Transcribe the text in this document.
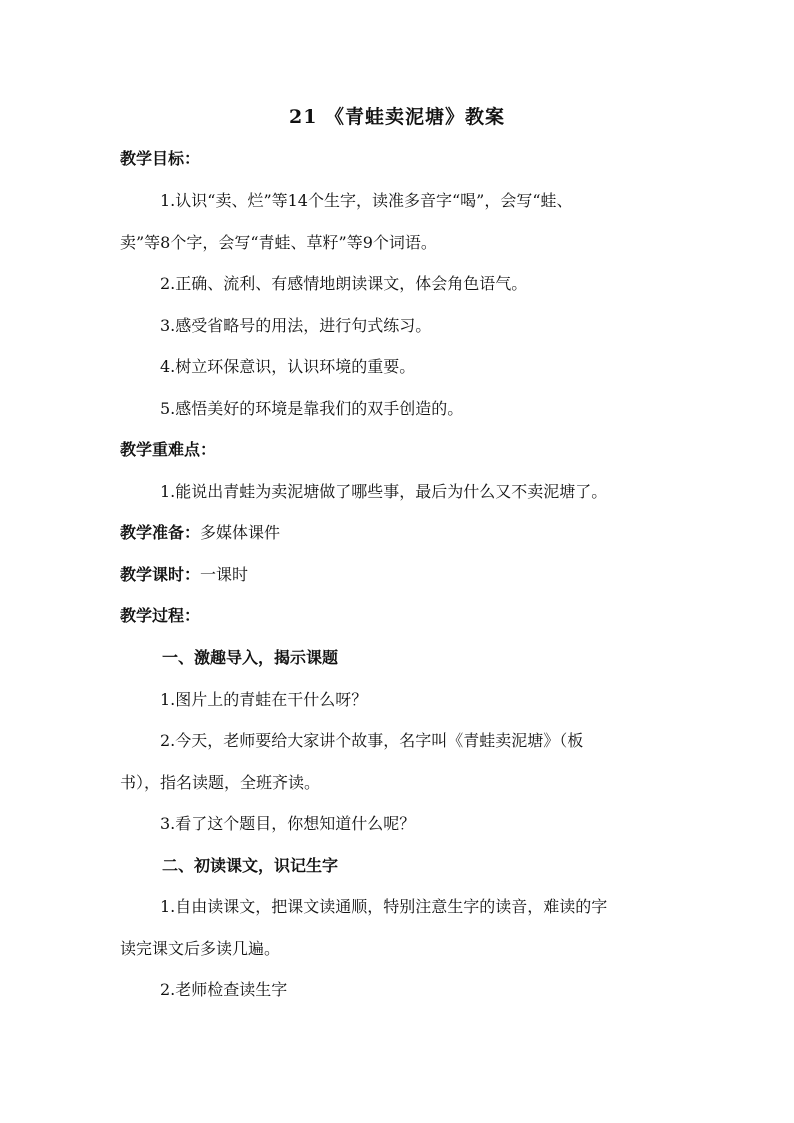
21 《青蛙卖泥塘》教案
教学目标：
1.认识“卖、烂”等14个生字，读准多音字“喝”，会写“蛙、
卖”等8个字，会写“青蛙、草籽”等9个词语。
2.正确、流利、有感情地朗读课文，体会角色语气。
3.感受省略号的用法，进行句式练习。
4.树立环保意识，认识环境的重要。
5.感悟美好的环境是靠我们的双手创造的。
教学重难点：
1.能说出青蛙为卖泥塘做了哪些事，最后为什么又不卖泥塘了。
教学准备：多媒体课件
教学课时：一课时
教学过程：
一、激趣导入，揭示课题
1.图片上的青蛙在干什么呀？
2.今天，老师要给大家讲个故事，名字叫《青蛙卖泥塘》（板
书），指名读题，全班齐读。
3.看了这个题目，你想知道什么呢？
二、初读课文，识记生字
1.自由读课文，把课文读通顺，特别注意生字的读音，难读的字
读完课文后多读几遍。
2.老师检查读生字
